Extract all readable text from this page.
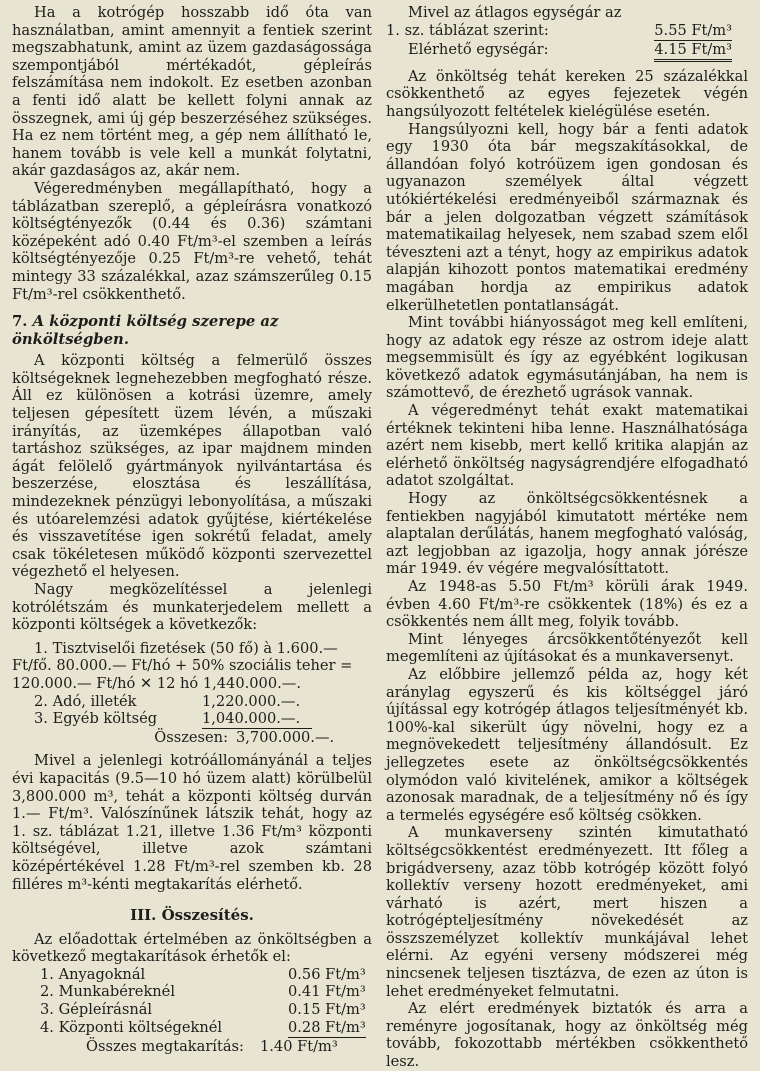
Ha a kotrógép hosszabb idő óta van használatban, amint amennyit a fentiek szerint megszabhatunk, amint az üzem gazdaságossága szempontjából mértékadót, gépleírás felszámítása nem indokolt. Ez esetben azonban a fenti idő alatt be kellett folyni annak az összegnek, ami új gép beszerzéséhez szükséges. Ha ez nem történt meg, a gép nem állítható le, hanem tovább is vele kell a munkát folytatni, akár gazdaságos az, akár nem.

Végeredményben megállapítható, hogy a táblázatban szereplő, a gépleírásra vonatkozó költségtényezők (0.44 és 0.36) számtani középeként adó 0.40 Ft/m³-el szemben a leírás költségtényezője 0.25 Ft/m³-re vehető, tehát mintegy 33 százalékkal, azaz számszerűleg 0.15 Ft/m³-rel csökkenthető.

7. A központi költség szerepe az önköltségben.

A központi költség a felmerülő összes költségeknek legnehezebben megfogható része. Áll ez különösen a kotrási üzemre, amely teljesen gépesített üzem lévén, a műszaki irányítás, az üzemképes állapotban való tartáshoz szükséges, az ipar majdnem minden ágát felölelő gyártmányok nyilvántartása és beszerzése, elosztása és leszállítása, mindezeknek pénzügyi lebonyolítása, a műszaki és utóarelemzési adatok gyűjtése, kiértékelése és visszavetítése igen sokrétű feladat, amely csak tökéletesen működő központi szervezettel végezhető el helyesen.

Nagy megközelítéssel a jelenlegi kotrólétszám és munkaterjedelem mellett a központi költségek a következők:

1. Tisztviselői fizetések (50 fő) à 1.600.—
Ft/fő. 80.000.— Ft/hó + 50% szociális teher =
120.000.— Ft/hó ✕ 12 hó 1,440.000.—.
2. Adó, illeték	1,220.000.—.
3. Egyéb költség	1,040.000.—.
Összesen: 3,700.000.—.

Mivel a jelenlegi kotróállományánál a teljes évi kapacitás (9.5—10 hó üzem alatt) körülbelül 3,800.000 m³, tehát a központi költség durván 1.— Ft/m³. Valószínűnek látszik tehát, hogy az 1. sz. táblázat 1.21, illetve 1.36 Ft/m³ központi költségével, illetve azok számtani középértékével 1.28 Ft/m³-rel szemben kb. 28 filléres m³-kénti megtakarítás elérhető.

III. Összesítés.

Az előadottak értelmében az önköltségben a következő megtakarítások érhetők el:

1. Anyagoknál	0.56 Ft/m³
2. Munkabéreknél	0.41 Ft/m³
3. Gépleírásnál	0.15 Ft/m³
4. Központi költségeknél	0.28 Ft/m³
Összes megtakarítás:	1.40 Ft/m³
Mivel az átlagos egységár az
1. sz. táblázat szerint:	5.55 Ft/m³
Elérhető egységár:	4.15 Ft/m³

Az önköltség tehát kereken 25 százalékkal csökkenthető az egyes fejezetek végén hangsúlyozott feltételek kielégülése esetén.

Hangsúlyozni kell, hogy bár a fenti adatok egy 1930 óta bár megszakításokkal, de állandóan folyó kotróüzem igen gondosan és ugyanazon személyek által végzett utókiértékelési eredményeiből származnak és bár a jelen dolgozatban végzett számítások matematikailag helyesek, nem szabad szem elől téveszteni azt a tényt, hogy az empirikus adatok alapján kihozott pontos matematikai eredmény magában hordja az empirikus adatok elkerülhetetlen pontatlanságát.

Mint további hiányosságot meg kell említeni, hogy az adatok egy része az ostrom ideje alatt megsemmisült és így az egyébként logikusan következő adatok egymásutánjában, ha nem is számottevő, de érezhető ugrások vannak.

A végeredményt tehát exakt matematikai értéknek tekinteni hiba lenne. Használhatósága azért nem kisebb, mert kellő kritika alapján az elérhető önköltség nagyságrendjére elfogadható adatot szolgáltat.

Hogy az önköltségcsökkentésnek a fentiekben nagyjából kimutatott mértéke nem alaptalan derűlátás, hanem megfogható valóság, azt legjobban az igazolja, hogy annak jórésze már 1949. év végére megvalósíttatott.

Az 1948-as 5.50 Ft/m³ körüli árak 1949. évben 4.60 Ft/m³-re csökkentek (18%) és ez a csökkentés nem állt meg, folyik tovább.

Mint lényeges árcsökkentőtényezőt kell megemlíteni az újításokat és a munkaversenyt.

Az előbbire jellemző példa az, hogy két aránylag egyszerű és kis költséggel járó újítással egy kotrógép átlagos teljesítményét kb. 100%-kal sikerült úgy növelni, hogy ez a megnövekedett teljesítmény állandósult. Ez jellegzetes esete az önköltségcsökkentés olymódon való kivitelének, amikor a költségek azonosak maradnak, de a teljesítmény nő és így a termelés egységére eső költség csökken.

A munkaverseny szintén kimutatható költségcsökkentést eredményezett. Itt főleg a brigádverseny, azaz több kotrógép között folyó kollektív verseny hozott eredményeket, ami várható is azért, mert hiszen a kotrógépteljesítmény növekedését az összszemélyzet kollektív munkájával lehet elérni. Az egyéni verseny módszerei még nincsenek teljesen tisztázva, de ezen az úton is lehet eredményeket felmutatni.

Az elért eredmények biztatók és arra a reményre jogosítanak, hogy az önköltség még tovább, fokozottabb mértékben csökkenthető lesz.
